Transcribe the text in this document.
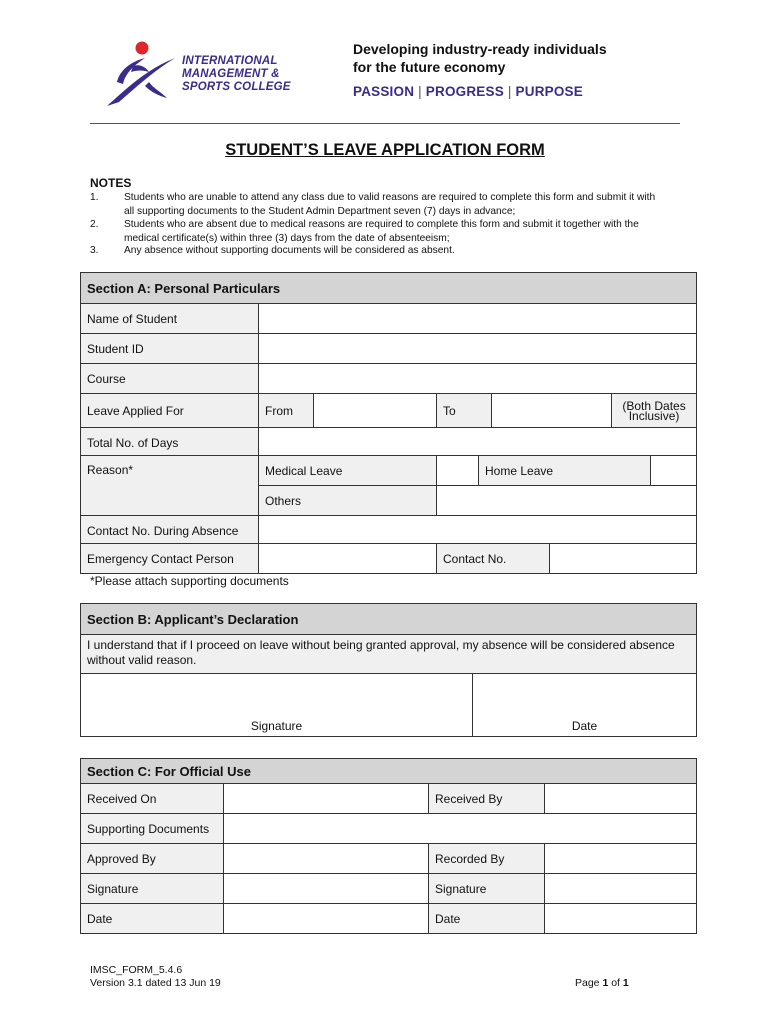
INTERNATIONAL
MANAGEMENT &
SPORTS COLLEGE
Developing industry-ready individuals
for the future economy
PASSION | PROGRESS | PURPOSE
STUDENT’S LEAVE APPLICATION FORM
NOTES
1.	Students who are unable to attend any class due to valid reasons are required to complete this form and submit it with all supporting documents to the Student Admin Department seven (7) days in advance;
2.	Students who are absent due to medical reasons are required to complete this form and submit it together with the medical certificate(s) within three (3) days from the date of absenteeism;
3.	Any absence without supporting documents will be considered as absent.
Section A: Personal Particulars					
Name of Student					
Student ID					
Course					
Leave Applied For	From		To		(Both Dates Inclusive)
Total No. of Days					
Reason*	Medical Leave		Home Leave	
	Others			
Contact No. During Absence				
Emergency Contact Person		Contact No.	
*Please attach supporting documents
Section B: Applicant’s Declaration	
I understand that if I proceed on leave without being granted approval, my absence will be considered absence without valid reason.	

Signature	Date
Section C: For Official Use			
Received On		Received By	
Supporting Documents			
Approved By		Recorded By	
Signature		Signature	
Date		Date	
IMSC_FORM_5.4.6
Version 3.1 dated 13 Jun 19	Page 1 of 1
